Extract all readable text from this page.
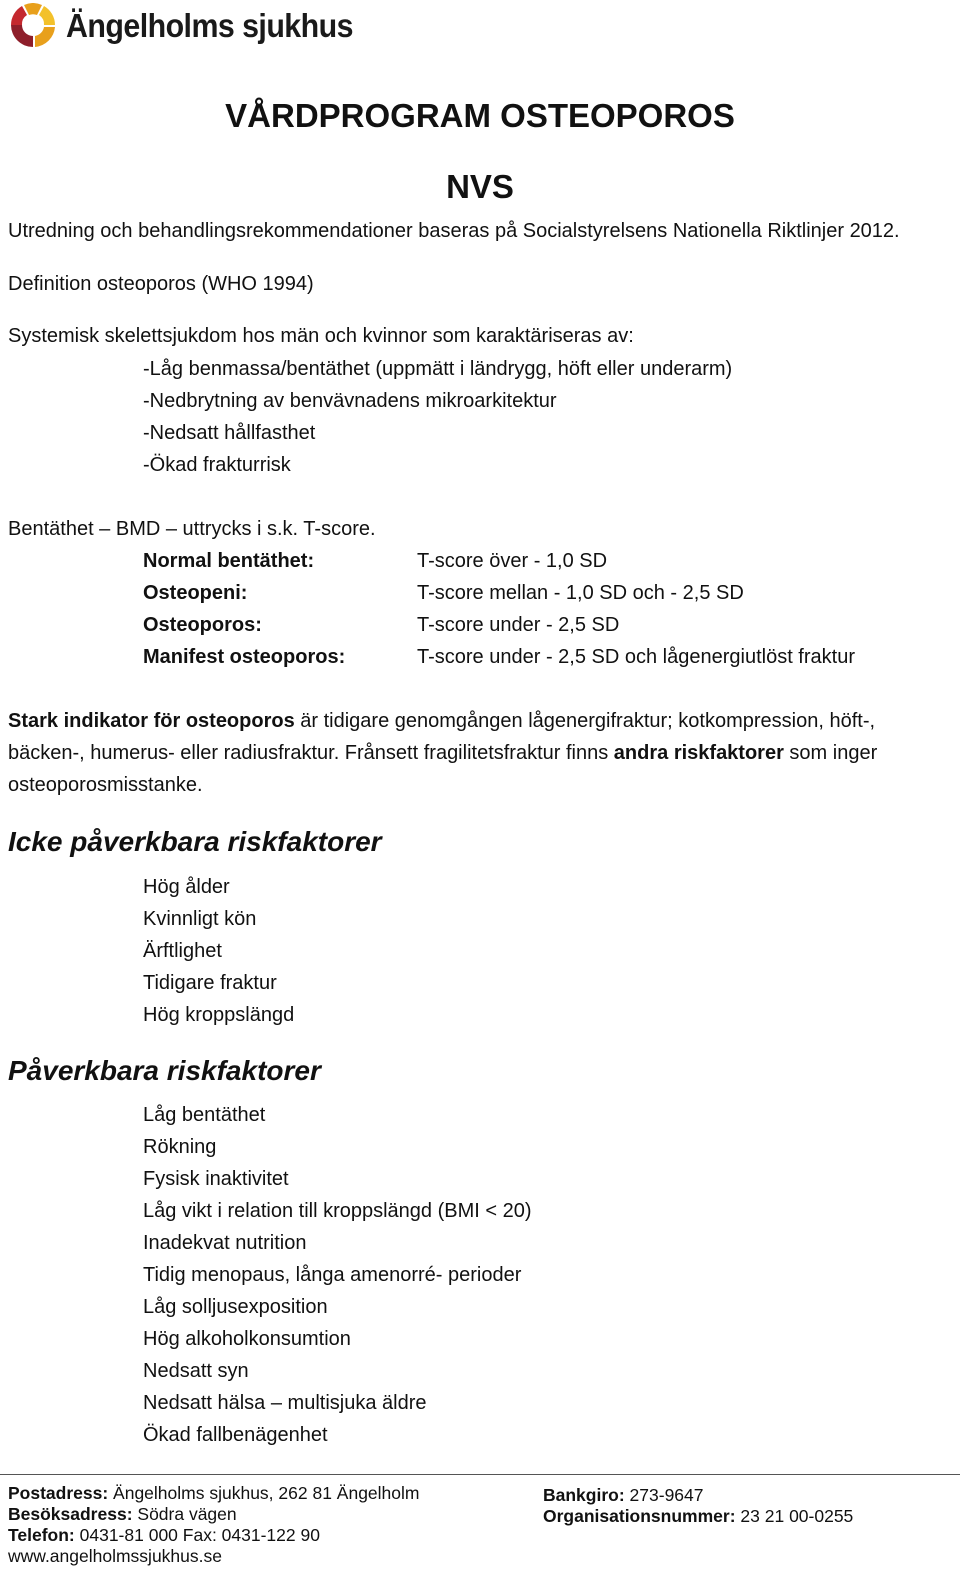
Ängelholms sjukhus
VÅRDPROGRAM OSTEOPOROS
NVS
Utredning och behandlingsrekommendationer baseras på Socialstyrelsens Nationella Riktlinjer 2012.
Definition osteoporos (WHO 1994)
Systemisk skelettsjukdom hos män och kvinnor som karaktäriseras av:
-Låg benmassa/bentäthet (uppmätt i ländrygg, höft eller underarm)
-Nedbrytning av benvävnadens mikroarkitektur
-Nedsatt hållfasthet
-Ökad frakturrisk
Bentäthet – BMD – uttrycks i s.k. T-score.
Normal bentäthet:	T-score över - 1,0 SD
Osteopeni:	T-score mellan - 1,0 SD och - 2,5 SD
Osteoporos:	T-score under - 2,5 SD
Manifest osteoporos:	T-score under - 2,5 SD och lågenergiutlöst fraktur
Stark indikator för osteoporos är tidigare genomgången lågenergifraktur; kotkompression, höft-, bäcken-, humerus- eller radiusfraktur. Frånsett fragilitetsfraktur finns andra riskfaktorer som inger osteoporosmisstanke.
Icke påverkbara riskfaktorer
Hög ålder
Kvinnligt kön
Ärftlighet
Tidigare fraktur
Hög kroppslängd
Påverkbara riskfaktorer
Låg bentäthet
Rökning
Fysisk inaktivitet
Låg vikt i relation till kroppslängd (BMI < 20)
Inadekvat nutrition
Tidig menopaus, långa amenorré- perioder
Låg solljusexposition
Hög alkoholkonsumtion
Nedsatt syn
Nedsatt hälsa – multisjuka äldre
Ökad fallbenägenhet
Postadress: Ängelholms sjukhus, 262 81 Ängelholm
Besöksadress: Södra vägen
Telefon: 0431-81 000 Fax: 0431-122 90
www.angelholmssjukhus.se
Bankgiro: 273-9647
Organisationsnummer: 23 21 00-0255
